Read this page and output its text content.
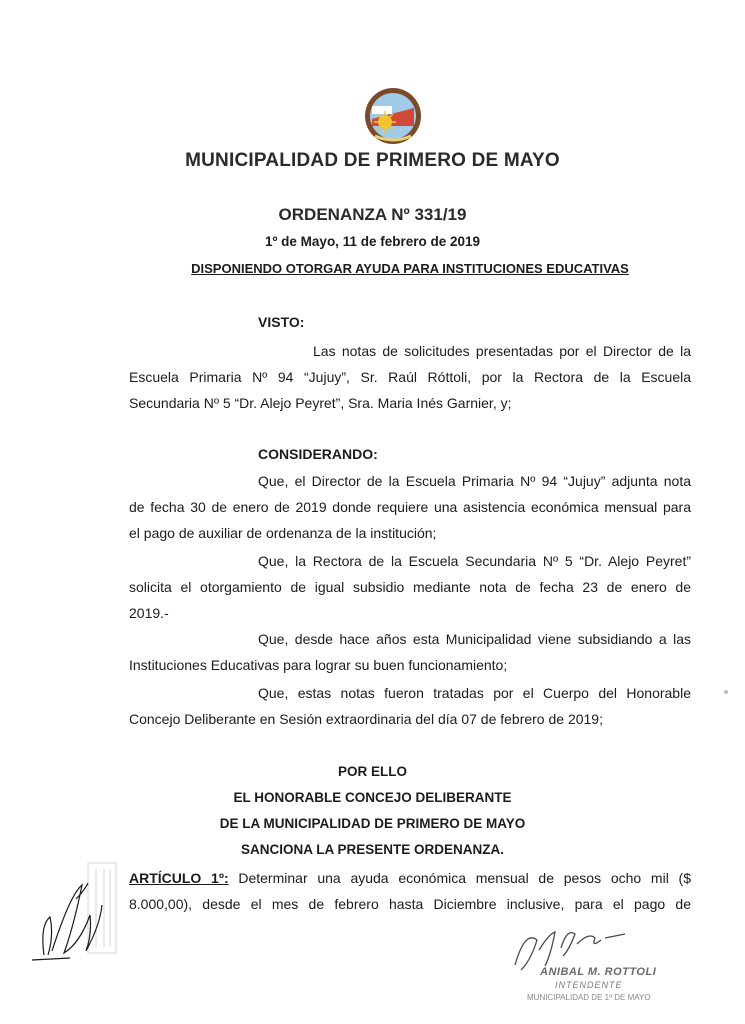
MUNICIPALIDAD DE PRIMERO DE MAYO
ORDENANZA Nº 331/19
1º de Mayo, 11 de febrero de 2019
DISPONIENDO OTORGAR AYUDA PARA INSTITUCIONES EDUCATIVAS
VISTO:
Las notas de solicitudes presentadas por el Director de la
Escuela Primaria Nº 94 “Jujuy”, Sr. Raúl Róttoli, por la Rectora de la Escuela
Secundaria Nº 5 “Dr. Alejo Peyret”, Sra. Maria Inés Garnier, y;
CONSIDERANDO:
Que, el Director de la Escuela Primaria Nº 94 “Jujuy” adjunta nota
de fecha 30 de enero de 2019 donde requiere una asistencia económica mensual para
el pago de auxiliar de ordenanza de la institución;
Que, la Rectora de la Escuela Secundaria Nº 5 “Dr. Alejo Peyret”
solicita el otorgamiento de igual subsidio mediante nota de fecha 23 de enero de
2019.-
Que, desde hace años esta Municipalidad viene subsidiando a las
Instituciones Educativas para lograr su buen funcionamiento;
Que, estas notas fueron tratadas por el Cuerpo del Honorable
Concejo Deliberante en Sesión extraordinaria del día 07 de febrero de 2019;
POR ELLO
EL HONORABLE CONCEJO DELIBERANTE
DE LA MUNICIPALIDAD DE PRIMERO DE MAYO
SANCIONA LA PRESENTE ORDENANZA.
ARTÍCULO 1º: Determinar una ayuda económica mensual de pesos ocho mil ($
8.000,00), desde el mes de febrero hasta Diciembre inclusive, para el pago de
ANIBAL M. ROTTOLI
INTENDENTE
MUNICIPALIDAD DE 1º DE MAYO
